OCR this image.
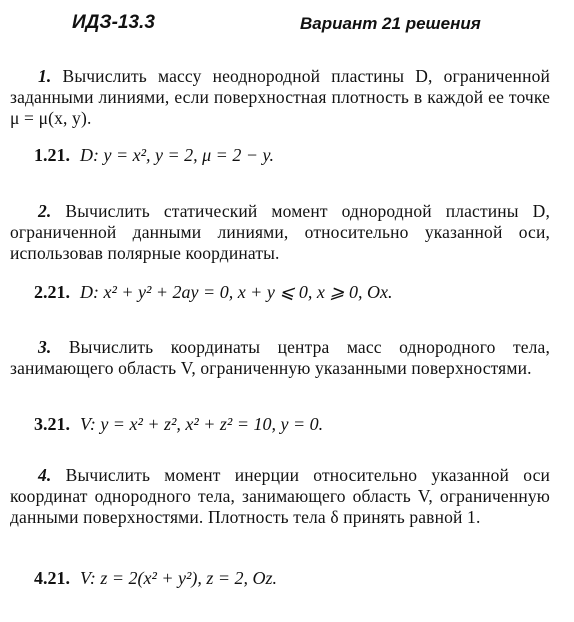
ИДЗ-13.3	Вариант 21 решения
1. Вычислить массу неоднородной пластины D, ограниченной заданными линиями, если поверхностная плотность в каждой ее точке μ = μ(x, y).
1.21. D: y = x², y = 2, μ = 2 − y.
2. Вычислить статический момент однородной пластины D, ограниченной данными линиями, относительно указанной оси, использовав полярные координаты.
2.21. D: x² + y² + 2ay = 0, x + y ⩽ 0, x ⩾ 0, Ox.
3. Вычислить координаты центра масс однородного тела, занимающего область V, ограниченную указанными поверхностями.
3.21. V: y = x² + z², x² + z² = 10, y = 0.
4. Вычислить момент инерции относительно указанной оси координат однородного тела, занимающего область V, ограниченную данными поверхностями. Плотность тела δ принять равной 1.
4.21. V: z = 2(x² + y²), z = 2, Oz.
